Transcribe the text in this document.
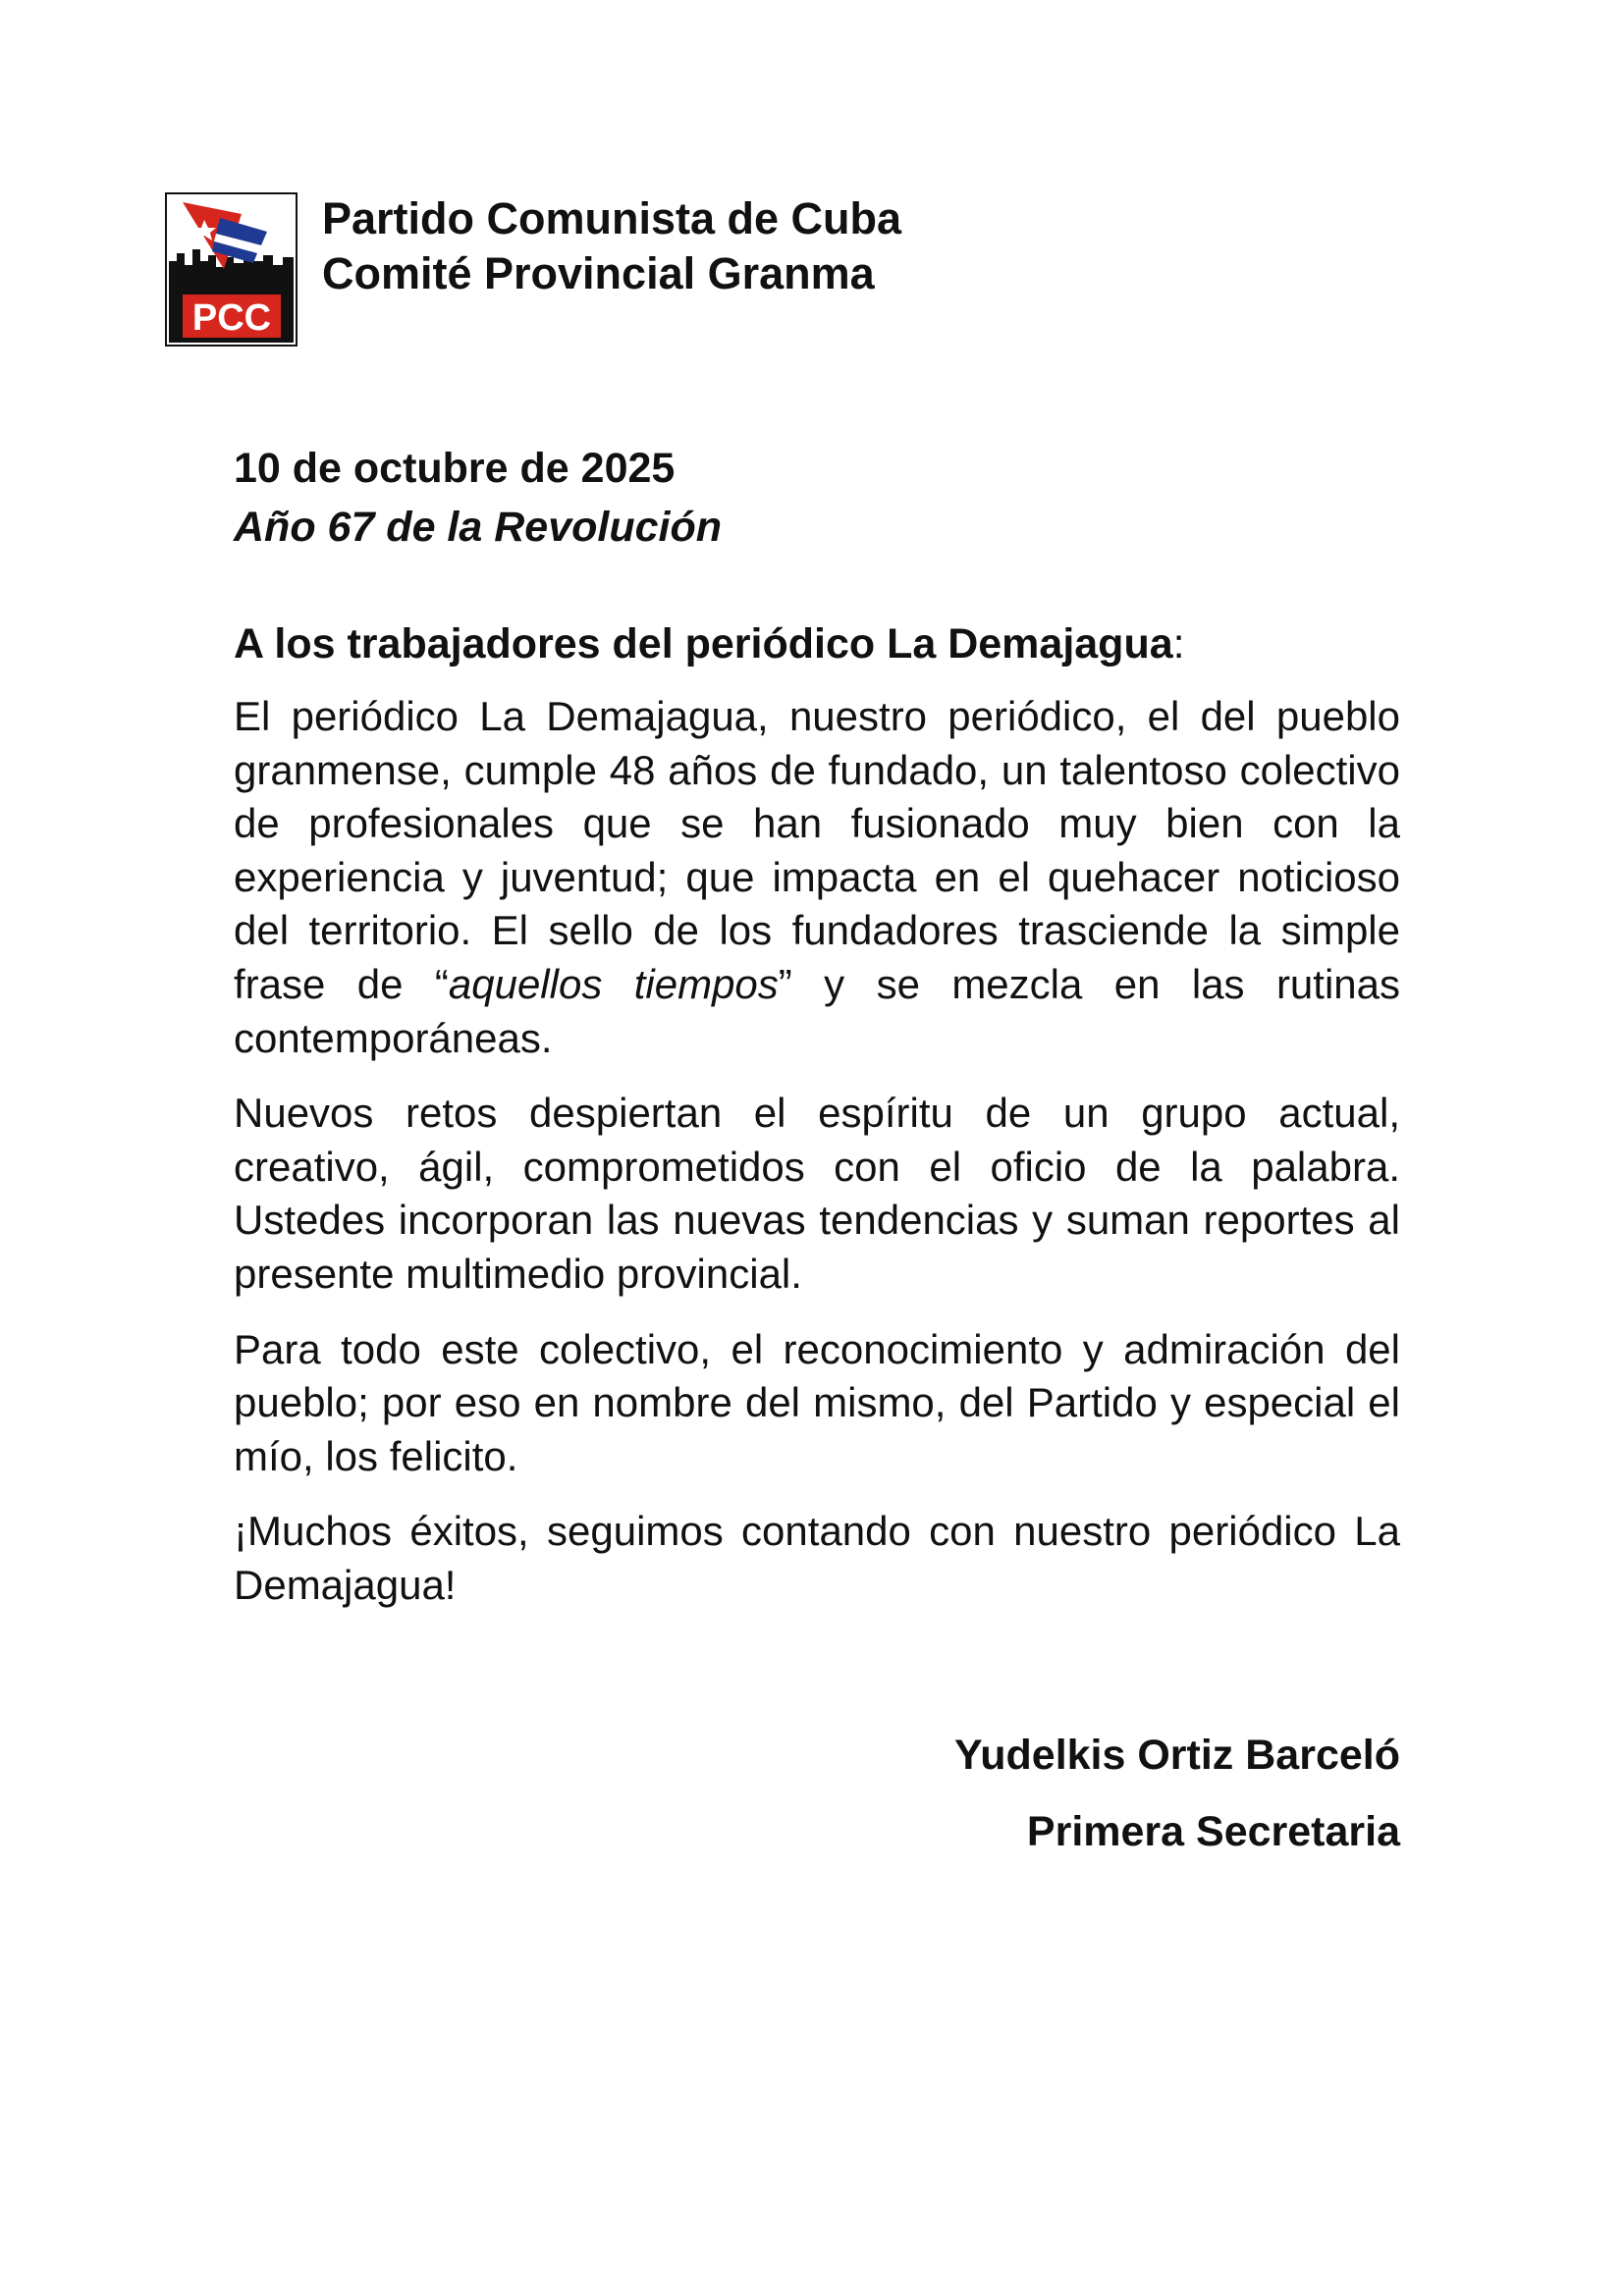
PCC
Partido Comunista de Cuba
Comité Provincial Granma
10 de octubre de 2025
Año 67 de la Revolución
A los trabajadores del periódico La Demajagua:

El periódico La Demajagua, nuestro periódico, el del pueblo granmense, cumple 48 años de fundado, un talentoso colectivo de profesionales que se han fusionado muy bien con la experiencia y juventud; que impacta en el quehacer noticioso del territorio. El sello de los fundadores trasciende la simple frase de “aquellos tiempos” y se mezcla en las rutinas contemporáneas.

Nuevos retos despiertan el espíritu de un grupo actual, creativo, ágil, comprometidos con el oficio de la palabra. Ustedes incorporan las nuevas tendencias y suman reportes al presente multimedio provincial.

Para todo este colectivo, el reconocimiento y admiración del pueblo; por eso en nombre del mismo, del Partido y especial el mío, los felicito.

¡Muchos éxitos, seguimos contando con nuestro periódico La Demajagua!

Yudelkis Ortiz Barceló
Primera Secretaria
